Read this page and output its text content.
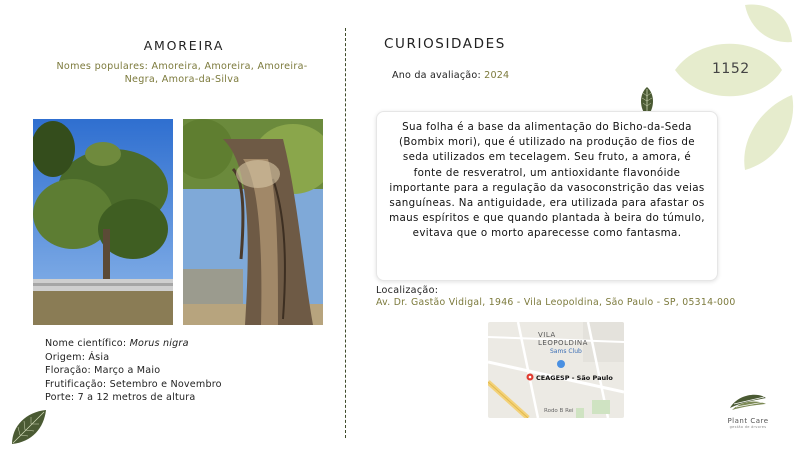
AMOREIRA
Nomes populares: Amoreira, Amoreira, Amoreira-Negra, Amora-da-Silva
Nome científico: Morus nigra
Origem: Ásia
Floração: Março a Maio
Frutificação: Setembro e Novembro
Porte: 7 a 12 metros de altura
CURIOSIDADES
Ano da avaliação: 2024	1152
Sua folha é a base da alimentação do Bicho-da-Seda (Bombix mori), que é utilizado na produção de fios de seda utilizados em tecelagem. Seu fruto, a amora, é fonte de resveratrol, um antioxidante flavonóide importante para a regulação da vasoconstrição das veias sanguíneas. Na antiguidade, era utilizada para afastar os maus espíritos e que quando plantada à beira do túmulo, evitava que o morto aparecesse como fantasma.
Localização:
Av. Dr. Gastão Vidigal, 1946 - Vila Leopoldina, São Paulo - SP, 05314-000
VILA
LEOPOLDINA
Sams Club
CEAGESP - São Paulo
Rodo B Rei
Plant Care
gestão de árvores
